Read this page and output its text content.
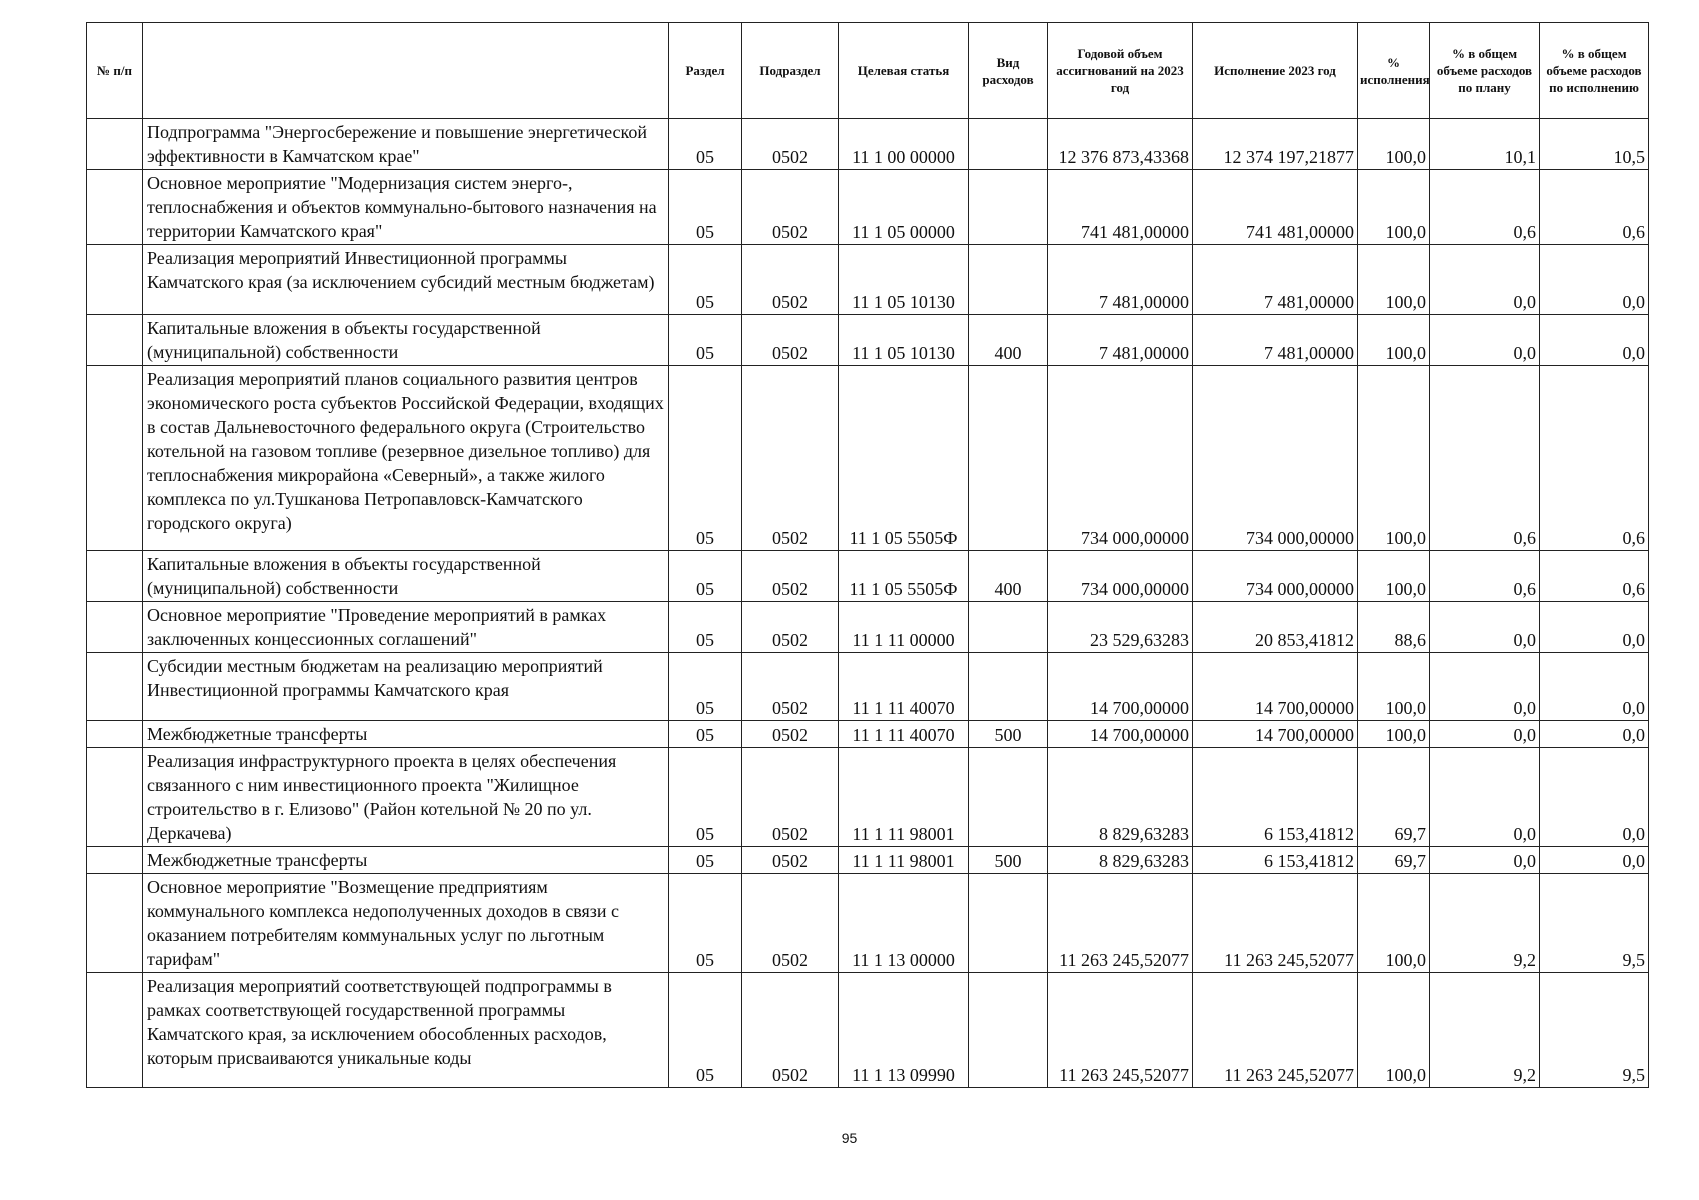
№ п/п		Раздел	Подраздел	Целевая статья	Вид расходов	Годовой объем ассигнований на 2023 год	Исполнение 2023 год	% исполнения	% в общем объеме расходов по плану	% в общем объеме расходов по исполнению
	Подпрограмма "Энергосбережение и повышение энергетической эффективности в Камчатском крае"	05	0502	11 1 00 00000		12 376 873,43368	12 374 197,21877	100,0	10,1	10,5
	Основное мероприятие "Модернизация систем энерго-, теплоснабжения и объектов коммунально-бытового назначения на территории Камчатского края"	05	0502	11 1 05 00000		741 481,00000	741 481,00000	100,0	0,6	0,6
	Реализация мероприятий Инвестиционной программы Камчатского края (за исключением субсидий местным бюджетам)	05	0502	11 1 05 10130		7 481,00000	7 481,00000	100,0	0,0	0,0
	Капитальные вложения в объекты государственной (муниципальной) собственности	05	0502	11 1 05 10130	400	7 481,00000	7 481,00000	100,0	0,0	0,0
	Реализация мероприятий планов социального развития центров экономического роста субъектов Российской Федерации, входящих в состав Дальневосточного федерального округа (Строительство котельной на газовом топливе (резервное дизельное топливо) для теплоснабжения микрорайона «Северный», а также жилого комплекса по ул.Тушканова Петропавловск-Камчатского городского округа)	05	0502	11 1 05 5505Ф		734 000,00000	734 000,00000	100,0	0,6	0,6
	Капитальные вложения в объекты государственной (муниципальной) собственности	05	0502	11 1 05 5505Ф	400	734 000,00000	734 000,00000	100,0	0,6	0,6
	Основное мероприятие "Проведение мероприятий в рамках заключенных концессионных соглашений"	05	0502	11 1 11 00000		23 529,63283	20 853,41812	88,6	0,0	0,0
	Субсидии местным бюджетам на реализацию мероприятий Инвестиционной программы Камчатского края	05	0502	11 1 11 40070		14 700,00000	14 700,00000	100,0	0,0	0,0
	Межбюджетные трансферты	05	0502	11 1 11 40070	500	14 700,00000	14 700,00000	100,0	0,0	0,0
	Реализация инфраструктурного проекта в целях обеспечения связанного с ним инвестиционного проекта "Жилищное строительство в г. Елизово" (Район котельной № 20 по ул. Деркачева)	05	0502	11 1 11 98001		8 829,63283	6 153,41812	69,7	0,0	0,0
	Межбюджетные трансферты	05	0502	11 1 11 98001	500	8 829,63283	6 153,41812	69,7	0,0	0,0
	Основное мероприятие "Возмещение предприятиям коммунального комплекса недополученных доходов в связи с оказанием потребителям коммунальных услуг по льготным тарифам"	05	0502	11 1 13 00000		11 263 245,52077	11 263 245,52077	100,0	9,2	9,5
	Реализация мероприятий соответствующей подпрограммы в рамках соответствующей государственной программы Камчатского края, за исключением обособленных расходов, которым присваиваются уникальные коды	05	0502	11 1 13 09990		11 263 245,52077	11 263 245,52077	100,0	9,2	9,5
95
